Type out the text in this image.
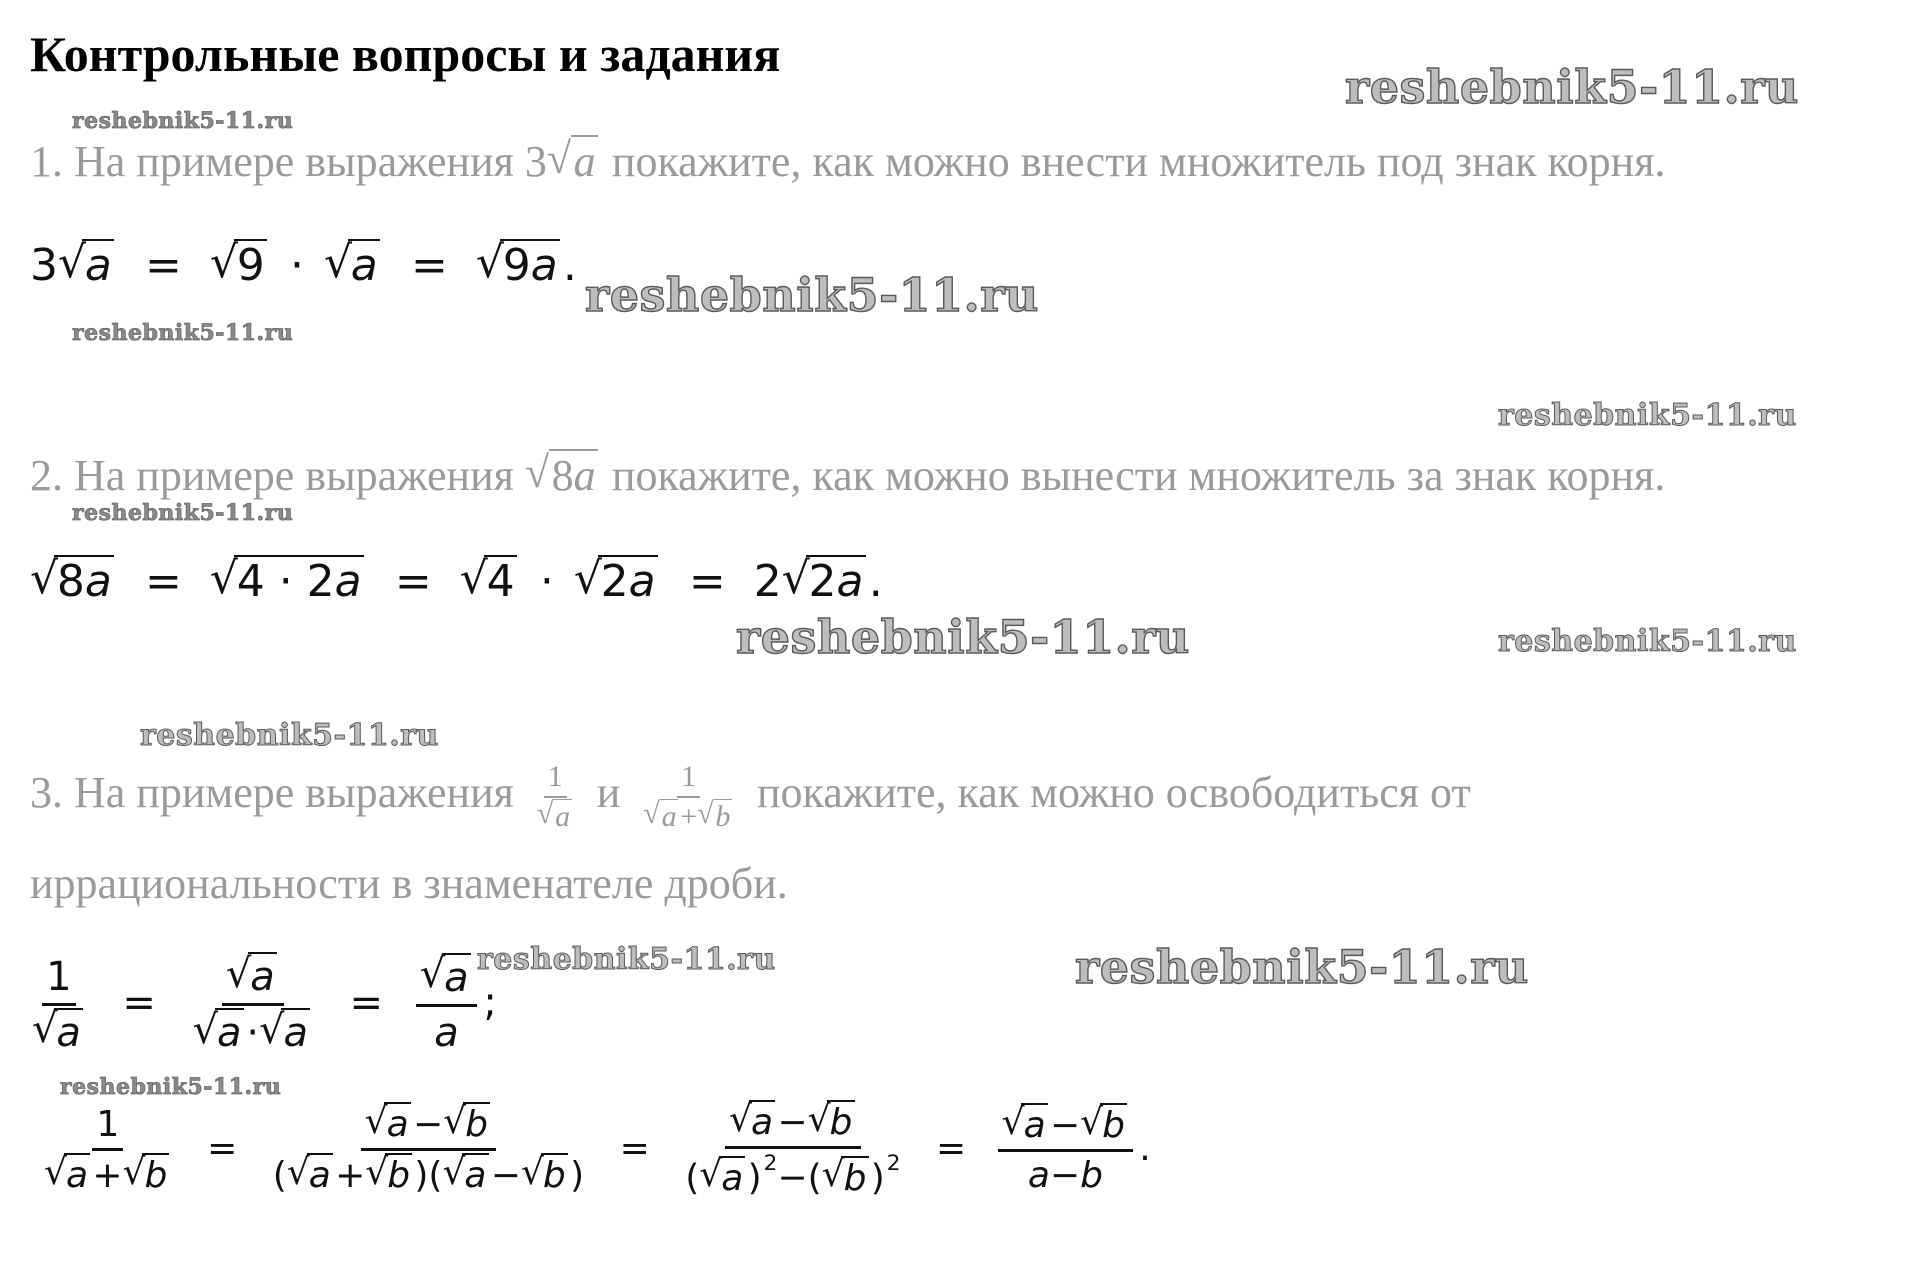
Контрольные вопросы и задания
reshebnik5-11.ru
reshebnik5-11.ru
reshebnik5-11.ru
reshebnik5-11.ru
reshebnik5-11.ru
reshebnik5-11.ru
reshebnik5-11.ru	reshebnik5-11.ru
reshebnik5-11.ru
reshebnik5-11.ru	reshebnik5-11.ru
reshebnik5-11.ru
1. На примере выражения 3 √ a покажите, как можно внести множитель под знак корня.
3 √ a = √ 9 · √ a = √ 9a .
2. На примере выражения √ 8a покажите, как можно вынести множитель за знак корня.
√ 8a = √ 4 · 2a = √ 4 · √ 2a = 2 √ 2a .
3. На примере выражения 1
√ a и 1
√ a + √ b покажите, как можно освободиться от
иррациональности в знаменателе дроби.
1
√ a = √ a
√ a · √ a = √ $\frac{a}{a}$ ;
1
√ a + √ b = √ $\frac{a - √ b}{( √ a + √ b )( √ a - √ b )}$ = √ $\frac{a - √ b}{( √ a )^2-( √ b )^2}$ = √ $\frac{a - √ b}{a-b}$ .
